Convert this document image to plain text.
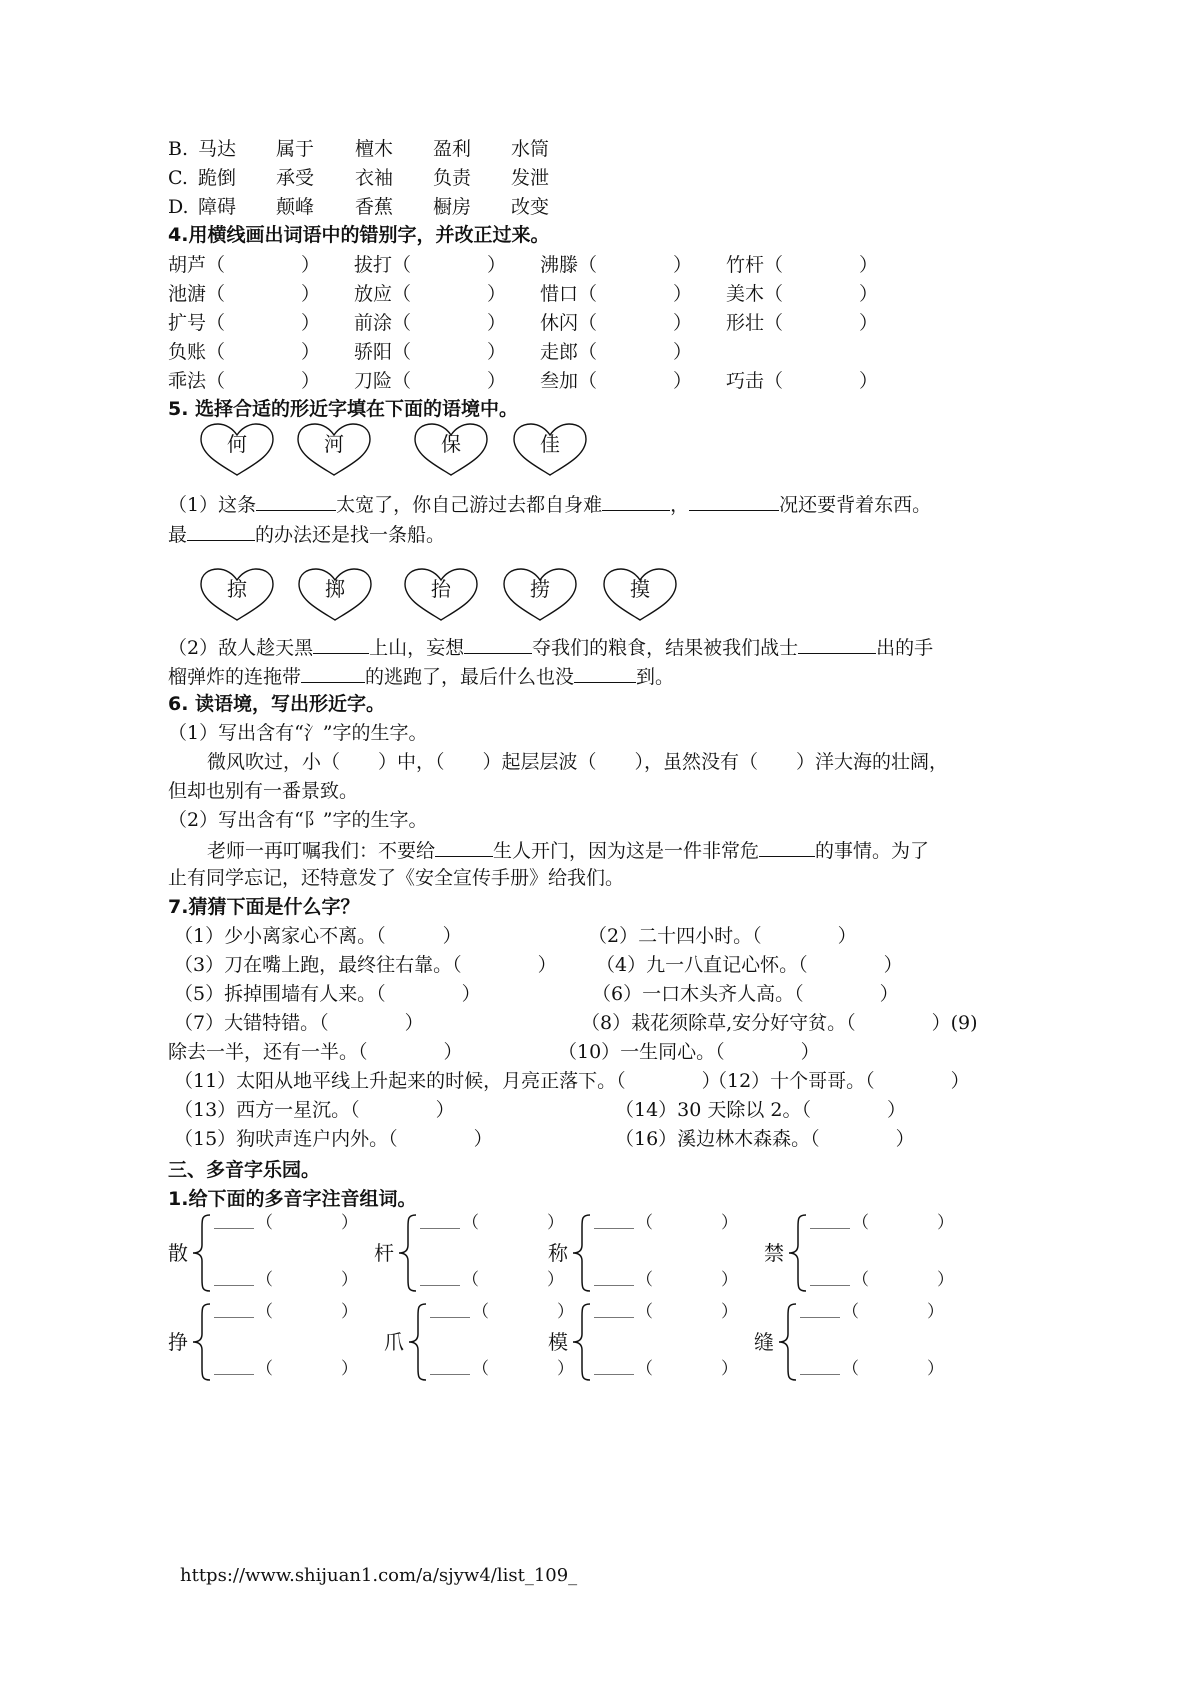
B. 马达 属于 檀木 盈利 水筒
C. 跪倒 承受 衣袖 负责 发泄
D. 障碍 颠峰 香蕉 橱房 改变
4.用横线画出词语中的错别字，并改正过来。
胡芦（　　　　） 拔打（　　　　） 沸滕（　　　　） 竹杆（　　　　）
池溏（　　　　） 放应（　　　　） 惜口（　　　　） 美木（　　　　）
扩号（　　　　） 前涂（　　　　） 休闪（　　　　） 形壮（　　　　）
负账（　　　　） 骄阳（　　　　） 走郎（　　　　）
乖法（　　　　） 刀险（　　　　） 叁加（　　　　） 巧击（　　　　）
5. 选择合适的形近字填在下面的语境中。
何	河	保	佳
（1）这条	太宽了，你自己游过去都自身难	，	况还要背着东西。
最	的办法还是找一条船。
掠	掷	抬	捞	摸
（2）敌人趁天黑	上山，妄想	夺我们的粮食，结果被我们战士	出的手
榴弹炸的连拖带	的逃跑了，最后什么也没	到。
6. 读语境，写出形近字。
（1）写出含有“氵”字的生字。
微风吹过，小（　　）中，（　　）起层层波（　　），虽然没有（　　）洋大海的壮阔，
但却也别有一番景致。
（2）写出含有“阝”字的生字。
老师一再叮嘱我们：不要给	生人开门，因为这是一件非常危	的事情。为了
止有同学忘记，还特意发了《安全宣传手册》给我们。
7.猜猜下面是什么字？
（1）少小离家心不离。（　　　）	（2）二十四小时。（　　　　）
（3）刀在嘴上跑，最终往右靠。（　　　　） （4）九一八直记心怀。（　　　　）
（5）拆掉围墙有人来。（　　　　）	（6）一口木头齐人高。（　　　　）
（7）大错特错。（　　　　）	（8）栽花须除草,安分好守贫。（　　　　）(9)
除去一半，还有一半。（　　　　）	（10）一生同心。（　　　　）
（11）太阳从地平线上升起来的时候，月亮正落下。（　　　　）
（12）十个哥哥。（　　　　）
（13）西方一星沉。（　　　　）	（14）30 天除以 2。（　　　　）
（15）狗吠声连户内外。（　　　　）	（16）溪边林木森森。（　　　　）
三、多音字乐园。
1.给下面的多音字注音组词。
散
（　　　　）
（　　　　）
杆
（　　　　）
（　　　　）
称
（　　　　）
（　　　　）
禁
（　　　　）
（　　　　）
挣
（　　　　）
（　　　　）
爪
（　　　　）
（　　　　）
模
（　　　　）
（　　　　）
缝
（　　　　）
（　　　　）
https://www.shijuan1.com/a/sjyw4/list_109_
